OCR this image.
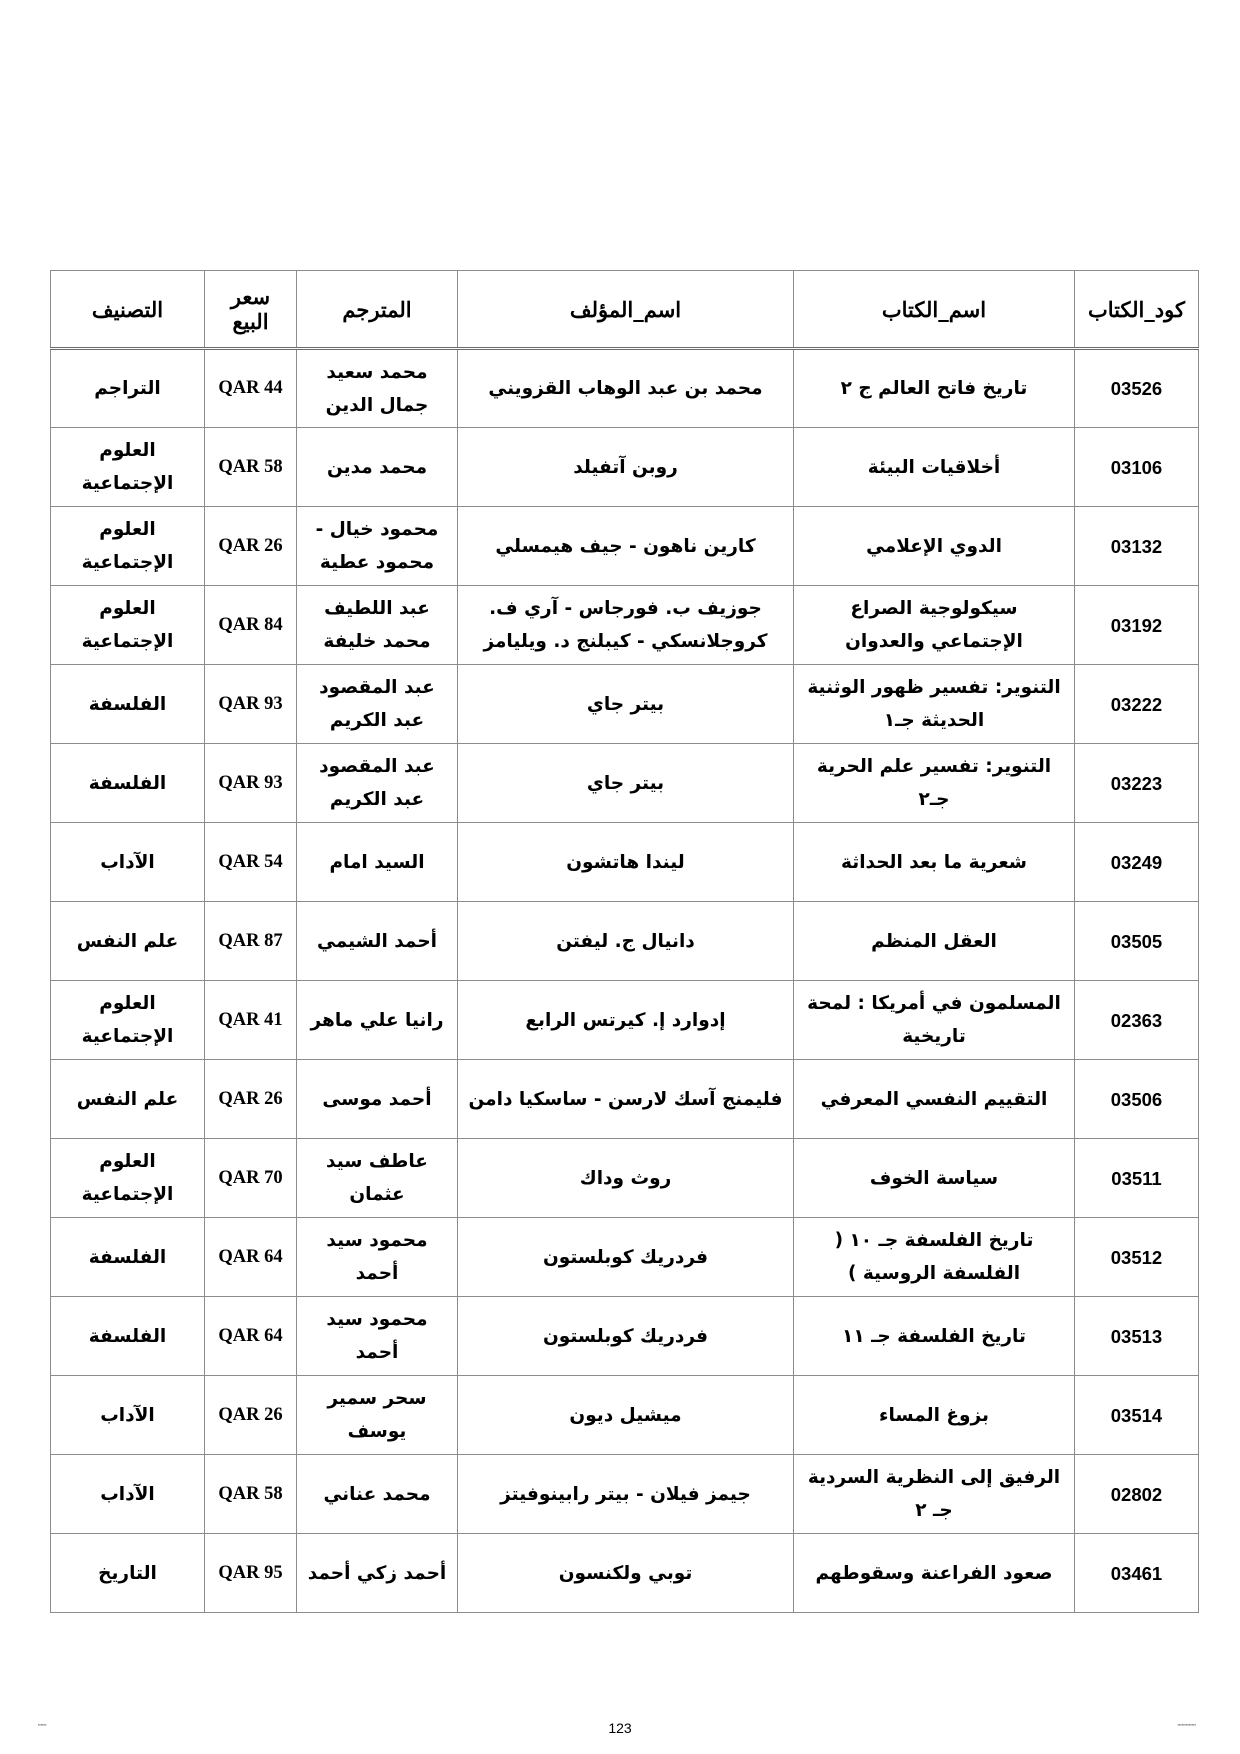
كود_الكتاب	اسم_الكتاب	اسم_المؤلف	المترجم	سعر البيع	التصنيف
03526	تاريخ فاتح العالم ج ٢	محمد بن عبد الوهاب القزويني	محمد سعيد جمال الدين	QAR 44	التراجم
03106	أخلاقيات البيئة	روبن آتفيلد	محمد مدين	QAR 58	العلوم الإجتماعية
03132	الدوي الإعلامي	كارين ناهون - جيف هيمسلي	محمود خيال - محمود عطية	QAR 26	العلوم الإجتماعية
03192	سيكولوجية الصراع الإجتماعي والعدوان	جوزيف ب. فورجاس - آري ف. كروجلانسكي - كيبلنج د. ويليامز	عبد اللطيف محمد خليفة	QAR 84	العلوم الإجتماعية
03222	التنوير: تفسير ظهور الوثنية الحديثة جـ١	بيتر جاي	عبد المقصود عبد الكريم	QAR 93	الفلسفة
03223	التنوير: تفسير علم الحرية جـ٢	بيتر جاي	عبد المقصود عبد الكريم	QAR 93	الفلسفة
03249	شعرية ما بعد الحداثة	ليندا هاتشون	السيد امام	QAR 54	الآداب
03505	العقل المنظم	دانيال ج. ليفتن	أحمد الشيمي	QAR 87	علم النفس
02363	المسلمون في أمريكا : لمحة تاريخية	إدوارد إ. كيرتس الرابع	رانيا علي ماهر	QAR 41	العلوم الإجتماعية
03506	التقييم النفسي المعرفي	فليمنج آسك لارسن - ساسكيا دامن	أحمد موسى	QAR 26	علم النفس
03511	سياسة الخوف	روث وداك	عاطف سيد عثمان	QAR 70	العلوم الإجتماعية
03512	تاريخ الفلسفة جـ ١٠ ( الفلسفة الروسية )	فردريك كوبلستون	محمود سيد أحمد	QAR 64	الفلسفة
03513	تاريخ الفلسفة جـ ١١	فردريك كوبلستون	محمود سيد أحمد	QAR 64	الفلسفة
03514	بزوغ المساء	ميشيل ديون	سحر سمير يوسف	QAR 26	الآداب
02802	الرفيق إلى النظرية السردية جـ ٢	جيمز فيلان - بيتر رابينوفيتز	محمد عناني	QAR 58	الآداب
03461	صعود الفراعنة وسقوطهم	توبي ولكنسون	أحمد زكي أحمد	QAR 95	التاريخ
123
▪▪▪▪▪▪	▪▪▪▪▪▪▪▪▪▪▪▪▪
